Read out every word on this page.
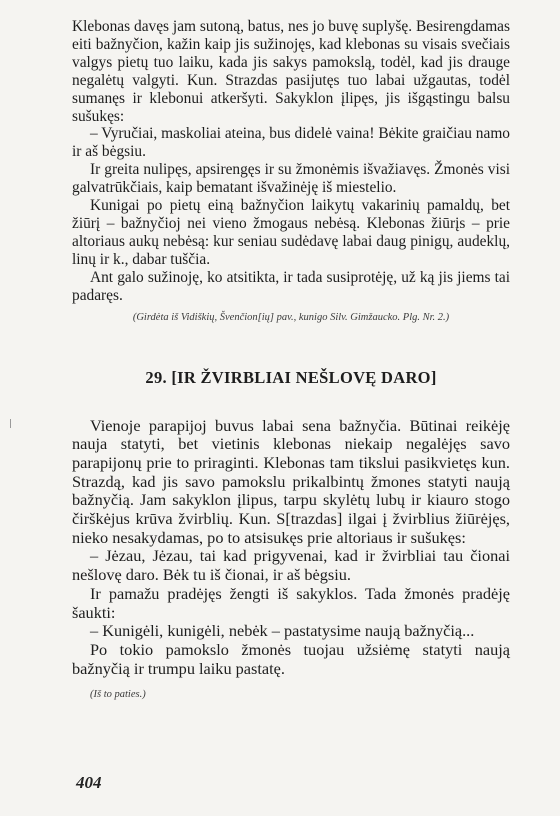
Klebonas davęs jam sutoną, batus, nes jo buvę suplyšę. Besirengdamas eiti bažnyčion, kažin kaip jis sužinojęs, kad klebonas su visais svečiais valgys pietų tuo laiku, kada jis sakys pamokslą, todėl, kad jis drauge negalėtų valgyti. Kun. Strazdas pasijutęs tuo labai užgautas, todėl sumanęs ir klebonui atkeršyti. Sakyklon įlipęs, jis išgąstingu balsu sušukęs:

– Vyručiai, maskoliai ateina, bus didelė vaina! Bėkite graičiau namo ir aš bėgsiu.

Ir greita nulipęs, apsirengęs ir su žmonėmis išvažiavęs. Žmonės visi galvatrūkčiais, kaip bematant išvažinėję iš miestelio.

Kunigai po pietų einą bažnyčion laikytų vakarinių pamaldų, bet žiūrį – bažnyčioj nei vieno žmogaus nebėsą. Klebonas žiūrįs – prie altoriaus aukų nebėsą: kur seniau sudėdavę labai daug pinigų, audeklų, linų ir k., dabar tuščia.

Ant galo sužinoję, ko atsitikta, ir tada susiprotėję, už ką jis jiems tai padaręs.

(Girdėta iš Vidiškių, Švenčion[ių] pav., kunigo Silv. Gimžaucko. Plg. Nr. 2.)

29. [IR ŽVIRBLIAI NEŠLOVĘ DARO]

Vienoje parapijoj buvus labai sena bažnyčia. Būtinai reikėję nauja statyti, bet vietinis klebonas niekaip negalėjęs savo parapijonų prie to priraginti. Klebonas tam tikslui pasikvietęs kun. Strazdą, kad jis savo pamokslu prikalbintų žmones statyti naują bažnyčią. Jam sakyklon įlipus, tarpu skylėtų lubų ir kiauro stogo čirškėjus krūva žvirblių. Kun. S[trazdas] ilgai į žvirblius žiūrėjęs, nieko nesakydamas, po to atsisukęs prie altoriaus ir sušukęs:

– Jėzau, Jėzau, tai kad prigyvenai, kad ir žvirbliai tau čionai nešlovę daro. Bėk tu iš čionai, ir aš bėgsiu.

Ir pamažu pradėjęs žengti iš sakyklos. Tada žmonės pradėję šaukti:

– Kunigėli, kunigėli, nebėk – pastatysime naują bažnyčią...

Po tokio pamokslo žmonės tuojau užsiėmę statyti naują bažnyčią ir trumpu laiku pastatę.

(Iš to paties.)

404
